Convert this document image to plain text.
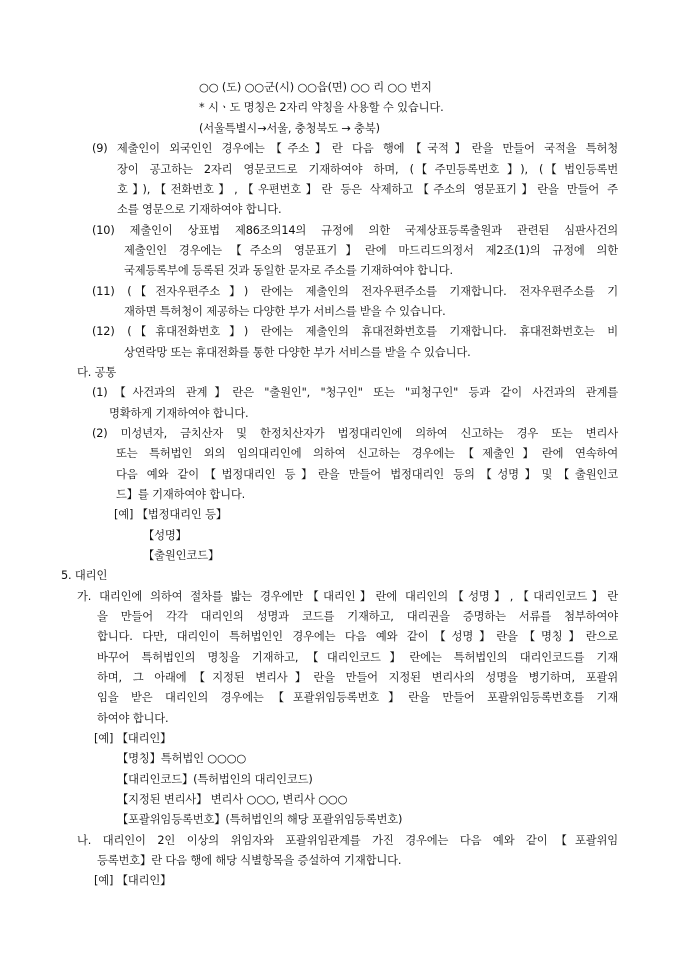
○○ (도) ○○군(시) ○○읍(면) ○○ 리 ○○ 번지
* 시ㆍ도 명칭은 2자리 약칭을 사용할 수 있습니다.
(서울특별시→서울, 충청북도 → 충북)
(9) 제출인이 외국인인 경우에는【주소】란 다음 행에【국적】란을 만들어 국적을 특허청
장이 공고하는 2자리 영문코드로 기재하여야 하며, (【주민등록번호】), (【법인등록번
호】),【전화번호】,【우편번호】란 등은 삭제하고【주소의 영문표기】란을 만들어 주
소를 영문으로 기재하여야 합니다.
(10) 제출인이 상표법 제86조의14의 규정에 의한 국제상표등록출원과 관련된 심판사건의
제출인인 경우에는【주소의 영문표기】란에 마드리드의정서 제2조(1)의 규정에 의한
국제등록부에 등록된 것과 동일한 문자로 주소를 기재하여야 합니다.
(11) (【전자우편주소】) 란에는 제출인의 전자우편주소를 기재합니다. 전자우편주소를 기
재하면 특허청이 제공하는 다양한 부가 서비스를 받을 수 있습니다.
(12) (【휴대전화번호】) 란에는 제출인의 휴대전화번호를 기재합니다. 휴대전화번호는 비
상연락망 또는 휴대전화를 통한 다양한 부가 서비스를 받을 수 있습니다.
다. 공통
(1)【사건과의 관계】란은 "출원인", "청구인" 또는 "피청구인" 등과 같이 사건과의 관계를
명확하게 기재하여야 합니다.
(2) 미성년자, 금치산자 및 한정치산자가 법정대리인에 의하여 신고하는 경우 또는 변리사
또는 특허법인 외의 임의대리인에 의하여 신고하는 경우에는【제출인】란에 연속하여
다음 예와 같이【법정대리인 등】란을 만들어 법정대리인 등의【성명】및【출원인코
드】를 기재하여야 합니다.
[예] 【법정대리인 등】
【성명】
【출원인코드】
5. 대리인
가. 대리인에 의하여 절차를 밟는 경우에만【대리인】란에 대리인의【성명】,【대리인코드】란
을 만들어 각각 대리인의 성명과 코드를 기재하고, 대리권을 증명하는 서류를 첨부하여야
합니다. 다만, 대리인이 특허법인인 경우에는 다음 예와 같이【성명】란을【명칭】란으로
바꾸어 특허법인의 명칭을 기재하고,【대리인코드】란에는 특허법인의 대리인코드를 기재
하며, 그 아래에【지정된 변리사】란을 만들어 지정된 변리사의 성명을 병기하며, 포괄위
임을 받은 대리인의 경우에는【포괄위임등록번호】란을 만들어 포괄위임등록번호를 기재
하여야 합니다.
[예] 【대리인】
【명칭】특허법인 ○○○○
【대리인코드】(특허법인의 대리인코드)
【지정된 변리사】 변리사 ○○○, 변리사 ○○○
【포괄위임등록번호】(특허법인의 해당 포괄위임등록번호)
나. 대리인이 2인 이상의 위임자와 포괄위임관계를 가진 경우에는 다음 예와 같이【포괄위임
등록번호】란 다음 행에 해당 식별항목을 증설하여 기재합니다.
[예] 【대리인】
